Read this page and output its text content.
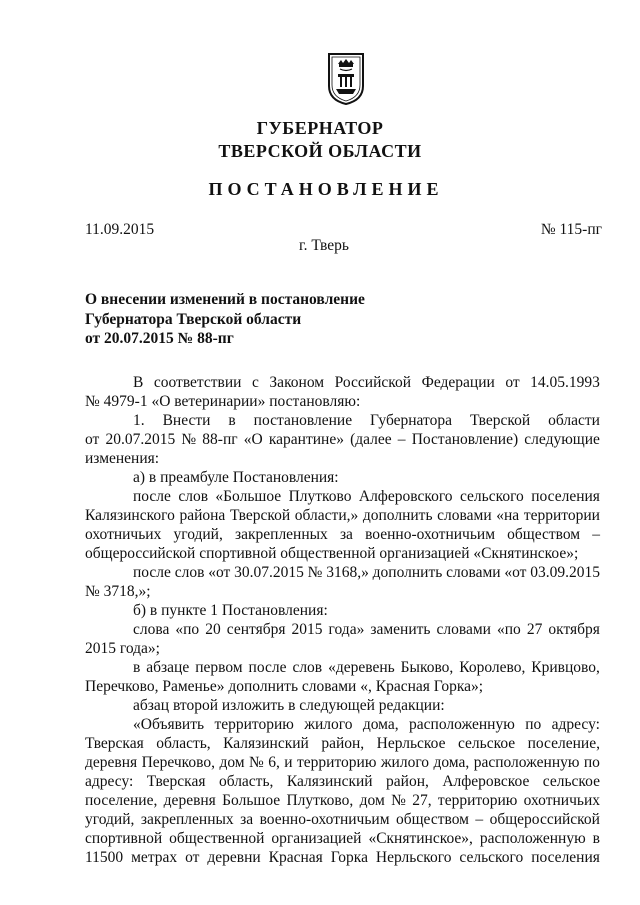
ГУБЕРНАТОР
ТВЕРСКОЙ ОБЛАСТИ
ПОСТАНОВЛЕНИЕ
11.09.2015	№ 115-пг
г. Тверь
О внесении изменений в постановление
Губернатора Тверской области
от 20.07.2015 № 88-пг
В соответствии с Законом Российской Федерации от 14.05.1993
№ 4979-1 «О ветеринарии» постановляю:
1. Внести в постановление Губернатора Тверской области
от 20.07.2015 № 88-пг «О карантине» (далее – Постановление) следующие
изменения:
а) в преамбуле Постановления:
после слов «Большое Плутково Алферовского сельского поселения
Калязинского района Тверской области,» дополнить словами «на территории
охотничьих угодий, закрепленных за военно-охотничьим обществом –
общероссийской спортивной общественной организацией «Скнятинское»;
после слов «от 30.07.2015 № 3168,» дополнить словами «от 03.09.2015
№ 3718,»;
б) в пункте 1 Постановления:
слова «по 20 сентября 2015 года» заменить словами «по 27 октября
2015 года»;
в абзаце первом после слов «деревень Быково, Королево, Кривцово,
Перечково, Раменье» дополнить словами «, Красная Горка»;
абзац второй изложить в следующей редакции:
«Объявить территорию жилого дома, расположенную по адресу:
Тверская область, Калязинский район, Нерльское сельское поселение,
деревня Перечково, дом № 6, и территорию жилого дома, расположенную по
адресу: Тверская область, Калязинский район, Алферовское сельское
поселение, деревня Большое Плутково, дом № 27, территорию охотничьих
угодий, закрепленных за военно-охотничьим обществом – общероссийской
спортивной общественной организацией «Скнятинское», расположенную в
11500 метрах от деревни Красная Горка Нерльского сельского поселения
